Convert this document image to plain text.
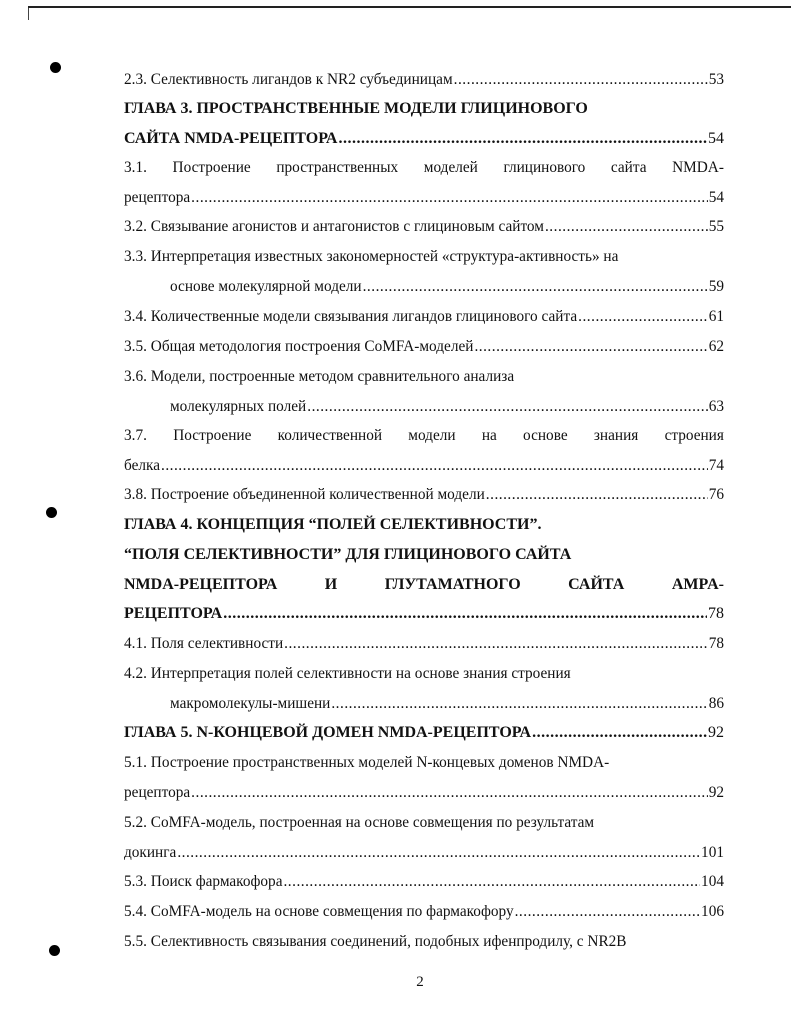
2.3. Селективность лигандов к NR2 субъединицам .....	53
ГЛАВА 3. ПРОСТРАНСТВЕННЫЕ МОДЕЛИ ГЛИЦИНОВОГО
САЙТА NMDA-РЕЦЕПТОРА .....	54
3.1. Построение пространственных моделей глицинового сайта NMDA-
рецептора .....	54
3.2. Связывание агонистов и антагонистов с глициновым сайтом .....	55
3.3. Интерпретация известных закономерностей «структура-активность» на
основе молекулярной модели .....	59
3.4. Количественные модели связывания лигандов глицинового сайта .....	61
3.5. Общая методология построения CoMFA-моделей .....	62
3.6. Модели, построенные методом сравнительного анализа
молекулярных полей .....	63
3.7. Построение количественной модели на основе знания строения
белка .....	74
3.8. Построение объединенной количественной модели .....	76
ГЛАВА 4. КОНЦЕПЦИЯ “ПОЛЕЙ СЕЛЕКТИВНОСТИ”.
“ПОЛЯ СЕЛЕКТИВНОСТИ” ДЛЯ ГЛИЦИНОВОГО САЙТА
NMDA-РЕЦЕПТОРА	И	ГЛУТАМАТНОГО	САЙТА	AMPA-
РЕЦЕПТОРА .....	78
4.1. Поля селективности .....	78
4.2. Интерпретация полей селективности на основе знания строения
макромолекулы-мишени .....	86
ГЛАВА 5. N-КОНЦЕВОЙ ДОМЕН NMDA-РЕЦЕПТОРА .....	92
5.1. Построение пространственных моделей N-концевых доменов NMDA-
рецептора .....	92
5.2. CoMFA-модель, построенная на основе совмещения по результатам
докинга .....	101
5.3. Поиск фармакофора .....	104
5.4. CoMFA-модель на основе совмещения по фармакофору .....	106
5.5. Селективность связывания соединений, подобных ифенпродилу, с NR2B
2
